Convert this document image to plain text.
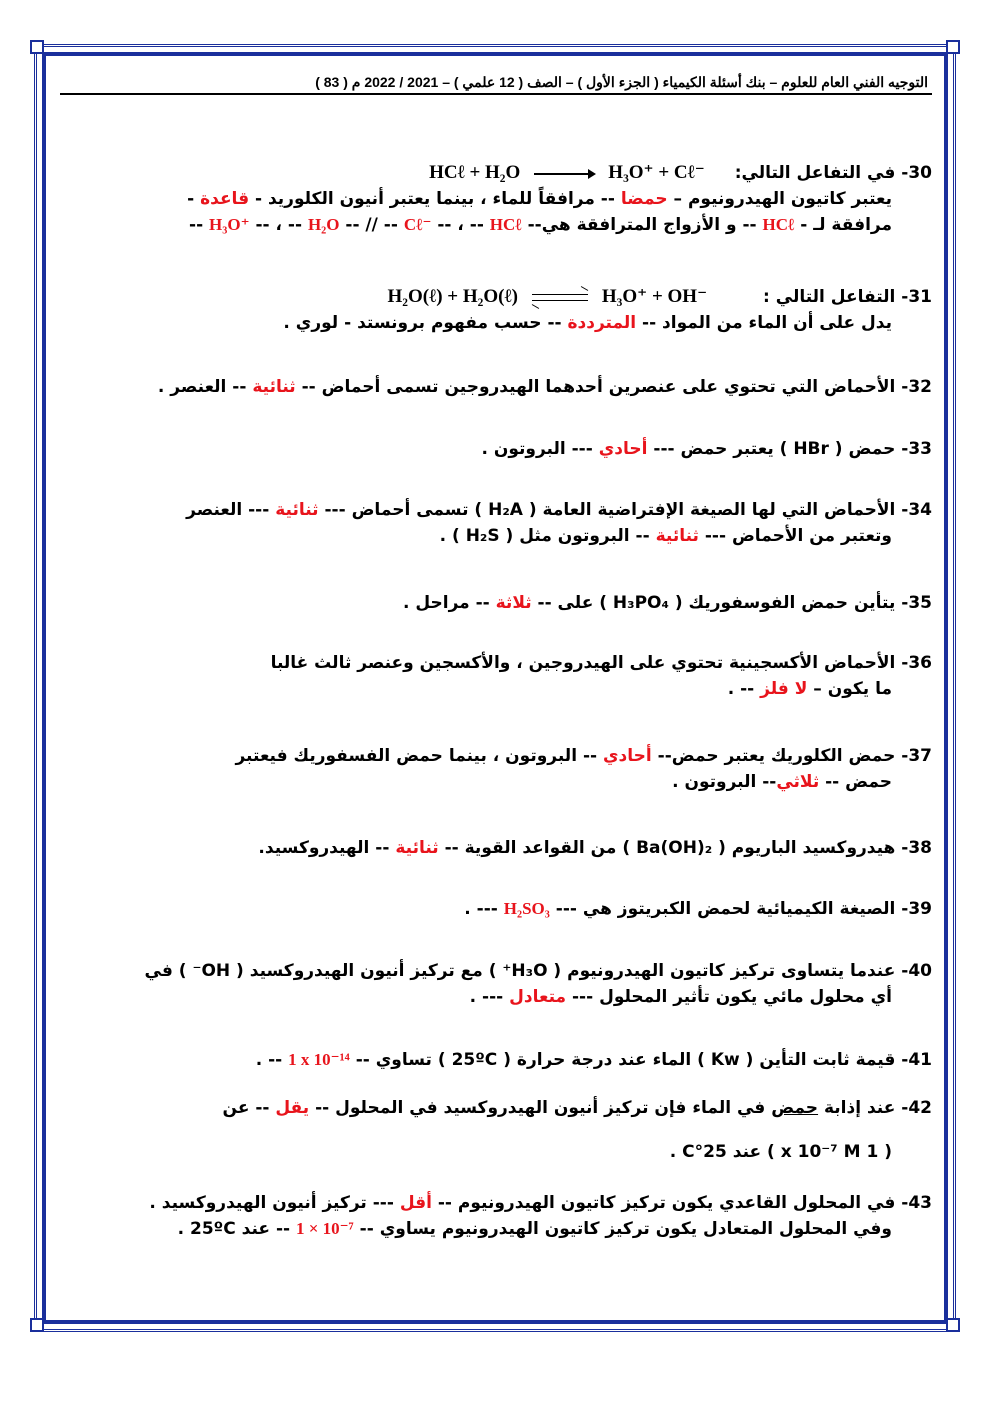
التوجيه الفني العام للعلوم – بنك أسئلة الكيمياء ( الجزء الأول ) – الصف ( 12 علمي ) – 2021 / 2022 م ( 83 )
30- في التفاعل التالي: HCℓ + H₂O → H₃O⁺ + Cℓ⁻
يعتبر كاتيون الهيدرونيوم – حمضا -- مرافقاً للماء ، بينما يعتبر أنيون الكلوريد - قاعدة -
مرافقة لـ - HCℓ -- و الأزواج المترافقة هي-- H₃O⁺ -- ، -- H₂O -- // -- Cℓ⁻ -- ، -- HCℓ --
31- التفاعل التالي : H₂O(ℓ) + H₂O(ℓ)	H₃O⁺ + OH⁻
يدل على أن الماء من المواد -- المترددة -- حسب مفهوم برونستد - لوري .
32- الأحماض التي تحتوي على عنصرين أحدهما الهيدروجين تسمى أحماض -- ثنائية -- العنصر .
33- حمض ( HBr ) يعتبر حمض --- أحادي --- البروتون .
34- الأحماض التي لها الصيغة الإفتراضية العامة ( H₂A ) تسمى أحماض --- ثنائية --- العنصر
وتعتبر من الأحماض --- ثنائية -- البروتون مثل ( H₂S ) .
35- يتأين حمض الفوسفوريك ( H₃PO₄ ) على -- ثلاثة -- مراحل .
36- الأحماض الأكسجينية تحتوي على الهيدروجين ، والأكسجين وعنصر ثالث غالبا
ما يكون – لا فلز -- .
37- حمض الكلوريك يعتبر حمض-- أحادي -- البروتون ، بينما حمض الفسفوريك فيعتبر
حمض -- ثلاثي-- البروتون .
38- هيدروكسيد الباريوم ( Ba(OH)₂ ) من القواعد القوية -- ثنائية -- الهيدروكسيد.
39- الصيغة الكيميائية لحمض الكبريتوز هي --- H₂SO₃ --- .
40- عندما يتساوى تركيز كاتيون الهيدرونيوم ( H₃O⁺ ) مع تركيز أنيون الهيدروكسيد ( OH⁻ ) في
أي محلول مائي يكون تأثير المحلول --- متعادل --- .
41- قيمة ثابت التأين ( Kw ) الماء عند درجة حرارة ( 25ºC ) تساوي -- 1 x 10⁻¹⁴ -- .
42- عند إذابة حمض في الماء فإن تركيز أنيون الهيدروكسيد في المحلول -- يقل -- عن
( 1 x 10⁻⁷ M ) عند 25°C .
43- في المحلول القاعدي يكون تركيز كاتيون الهيدرونيوم -- أقل --- تركيز أنيون الهيدروكسيد .
وفي المحلول المتعادل يكون تركيز كاتيون الهيدرونيوم يساوي -- 1 × 10⁻⁷ -- عند 25ºC .
